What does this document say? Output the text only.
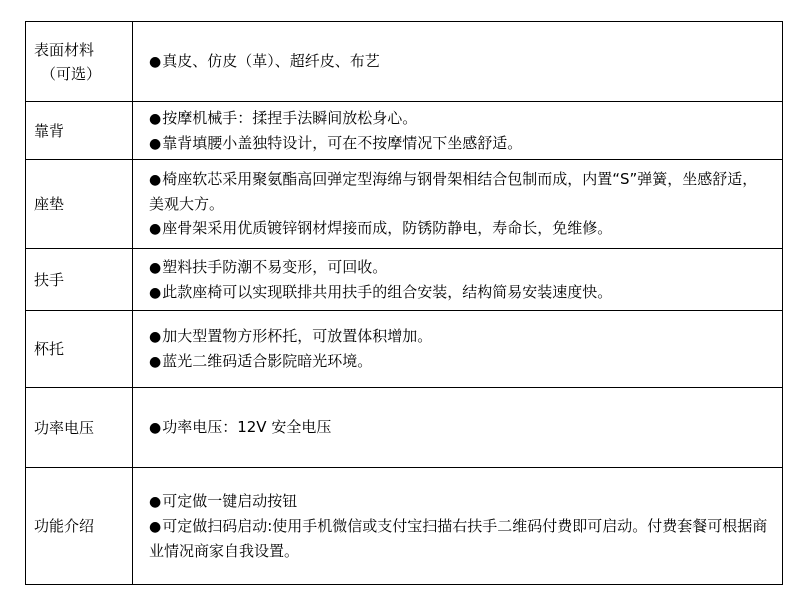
表面材料
（可选）	●真皮、仿皮（革）、超纤皮、布艺

靠背	●按摩机械手：揉捏手法瞬间放松身心。
●靠背填腰小盖独特设计，可在不按摩情况下坐感舒适。

座垫	●椅座软芯采用聚氨酯高回弹定型海绵与钢骨架相结合包制而成，内置“S”弹簧，坐感舒适，美观大方。
●座骨架采用优质镀锌钢材焊接而成，防锈防静电，寿命长，免维修。

扶手	●塑料扶手防潮不易变形，可回收。
●此款座椅可以实现联排共用扶手的组合安装，结构简易安装速度快。

杯托	●加大型置物方形杯托，可放置体积增加。
●蓝光二维码适合影院暗光环境。

功率电压	●功率电压：12V 安全电压

功能介绍	●可定做一键启动按钮
●可定做扫码启动:使用手机微信或支付宝扫描右扶手二维码付费即可启动。付费套餐可根据商业情况商家自我设置。
